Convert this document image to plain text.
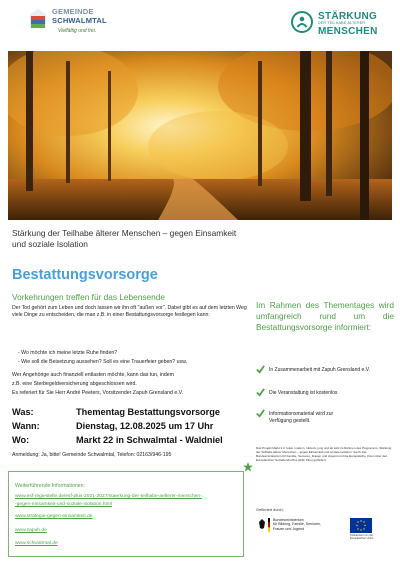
GEMEINDE
SCHWALMTAL
Vielfältig und frei.
STÄRKUNG
DER TEILHABE ÄLTERER
MENSCHEN
Stärkung der Teilhabe älterer Menschen – gegen Einsamkeit und soziale Isolation
Bestattungsvorsorge
Vorkehrungen treffen für das Lebensende
Der Tod gehört zum Leben und doch lassen wir ihn oft "außen vor". Dabei gibt es auf dem letzten Weg viele Dinge zu entscheiden, die man z.B. in einer Bestattungsvorsorge festlegen kann:
- Wo möchte ich meine letzte Ruhe finden?
- Wie soll die Beisetzung aussehen? Soll es eine Trauerfeier geben? usw.
Wer Angehörige auch finanziell entlasten möchte, kann das tun, indem
z.B. eine Sterbegeldversicherung abgeschlossen wird.
Es referiert für Sie Herr André Peeters, Vorsitzender Zapuh Grensland e.V.
Was:	Thementag Bestattungsvorsorge
Wann:	Dienstag, 12.08.2025 um 17 Uhr
Wo:	Markt 22 in Schwalmtal - Waldniel
Anmeldung: Ja, bitte! Gemeinde Schwalmtal, Telefon: 02163/946-195
Im Rahmen des Thementages wird umfangreich rund um die Bestattungsvorsorge informiert:
In Zusammenarbeit mit Zapuh Grensland e.V.
Die Veranstaltung ist kostenlos
Informationsmaterial wird zur Verfügung gestellt.
Das Projekt Markt 2.2: lokal, modern, inklusiv, jung und alt wird im Rahmen des Programms „Stärkung der Teilhabe älterer Menschen – gegen Einsamkeit und soziale Isolation“ durch das Bundesministerium für Familie, Senioren, Frauen und Jugend und die Europäische Union über den Europäischen Sozialfonds Plus (ESF Plus) gefördert.
Gefördert durch:
Bundesministerium
für Bildung, Familie, Senioren,
Frauen und Jugend
Kofinanziert von der
Europäischen Union
Weiterführende Informationen:
www.esf-regiestelle.de/esf-plus-2021-2027/staerkung-der-teilhabe-aelterer-menschen-
-gegen-einsamkeit-und-soziale-isolation.html
www.strategie-gegen-einsamkeit.de
www.zapuh.de
www.schwalmtal.de
